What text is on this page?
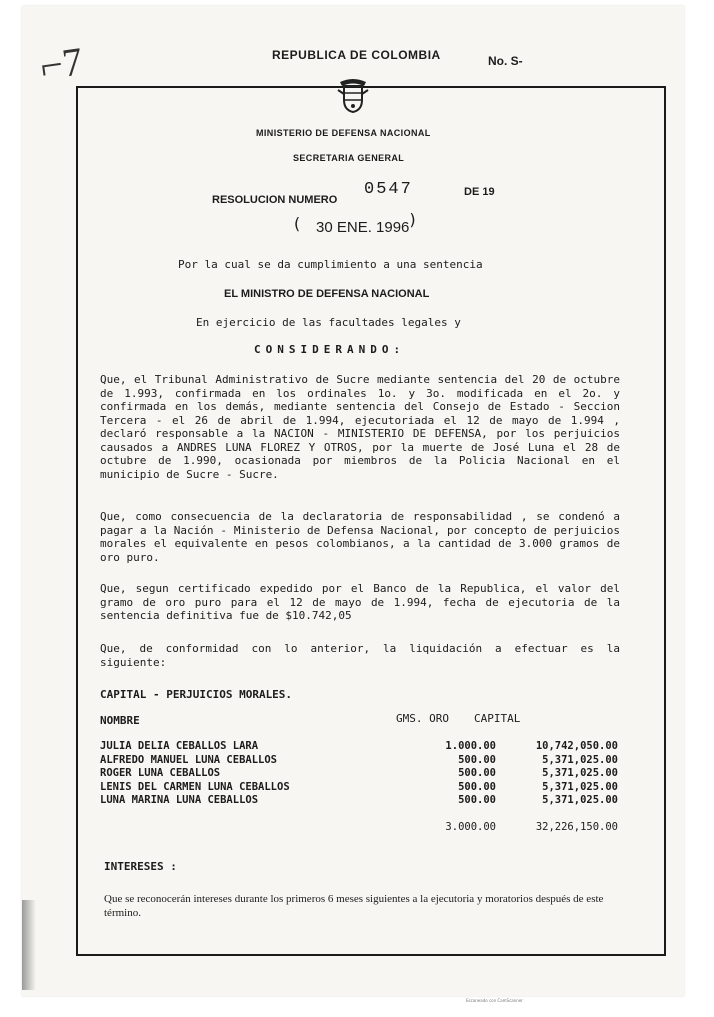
⌐7	REPUBLICA DE COLOMBIA	No. S-
MINISTERIO DE DEFENSA NACIONAL
SECRETARIA GENERAL
RESOLUCION NUMERO
0547	DE 19
( 30 ENE. 1996
)
Por la cual se da cumplimiento a una sentencia
EL MINISTRO DE DEFENSA NACIONAL
En ejercicio de las facultades legales y
CONSIDERANDO:
Que, el Tribunal Administrativo de Sucre mediante sentencia del 20 de octubre de 1.993, confirmada en los ordinales 1o. y 3o. modificada en el 2o. y confirmada en los demás, mediante sentencia del Consejo de Estado - Seccion Tercera - el 26 de abril de 1.994, ejecutoriada el 12 de mayo de 1.994 , declaró responsable a la NACION - MINISTERIO DE DEFENSA, por los perjuicios causados a ANDRES LUNA FLOREZ Y OTROS, por la muerte de José Luna el 28 de octubre de 1.990, ocasionada por miembros de la Policia Nacional en el municipio de Sucre - Sucre.
Que, como consecuencia de la declaratoria de responsabilidad , se condenó a pagar a la Nación - Ministerio de Defensa Nacional, por concepto de perjuicios morales el equivalente en pesos colombianos, a la cantidad de 3.000 gramos de oro puro.
Que, segun certificado expedido por el Banco de la Republica, el valor del gramo de oro puro para el 12 de mayo de 1.994, fecha de ejecutoria de la sentencia definitiva fue de $10.742,05
Que, de conformidad con lo anterior, la liquidación a efectuar es la siguiente:
CAPITAL - PERJUICIOS MORALES.
NOMBRE	GMS. ORO CAPITAL
JULIA DELIA CEBALLOS LARA	1.000.00	10,742,050.00
ALFREDO MANUEL LUNA CEBALLOS	500.00	5,371,025.00
ROGER LUNA CEBALLOS	500.00	5,371,025.00
LENIS DEL CARMEN LUNA CEBALLOS	500.00	5,371,025.00
LUNA MARINA LUNA CEBALLOS	500.00	5,371,025.00

	3.000.00	32,226,150.00
INTERESES :
Que se reconocerán intereses durante los primeros 6 meses siguientes a la ejecutoria y moratorios después de este término.
Escaneado con CamScanner
